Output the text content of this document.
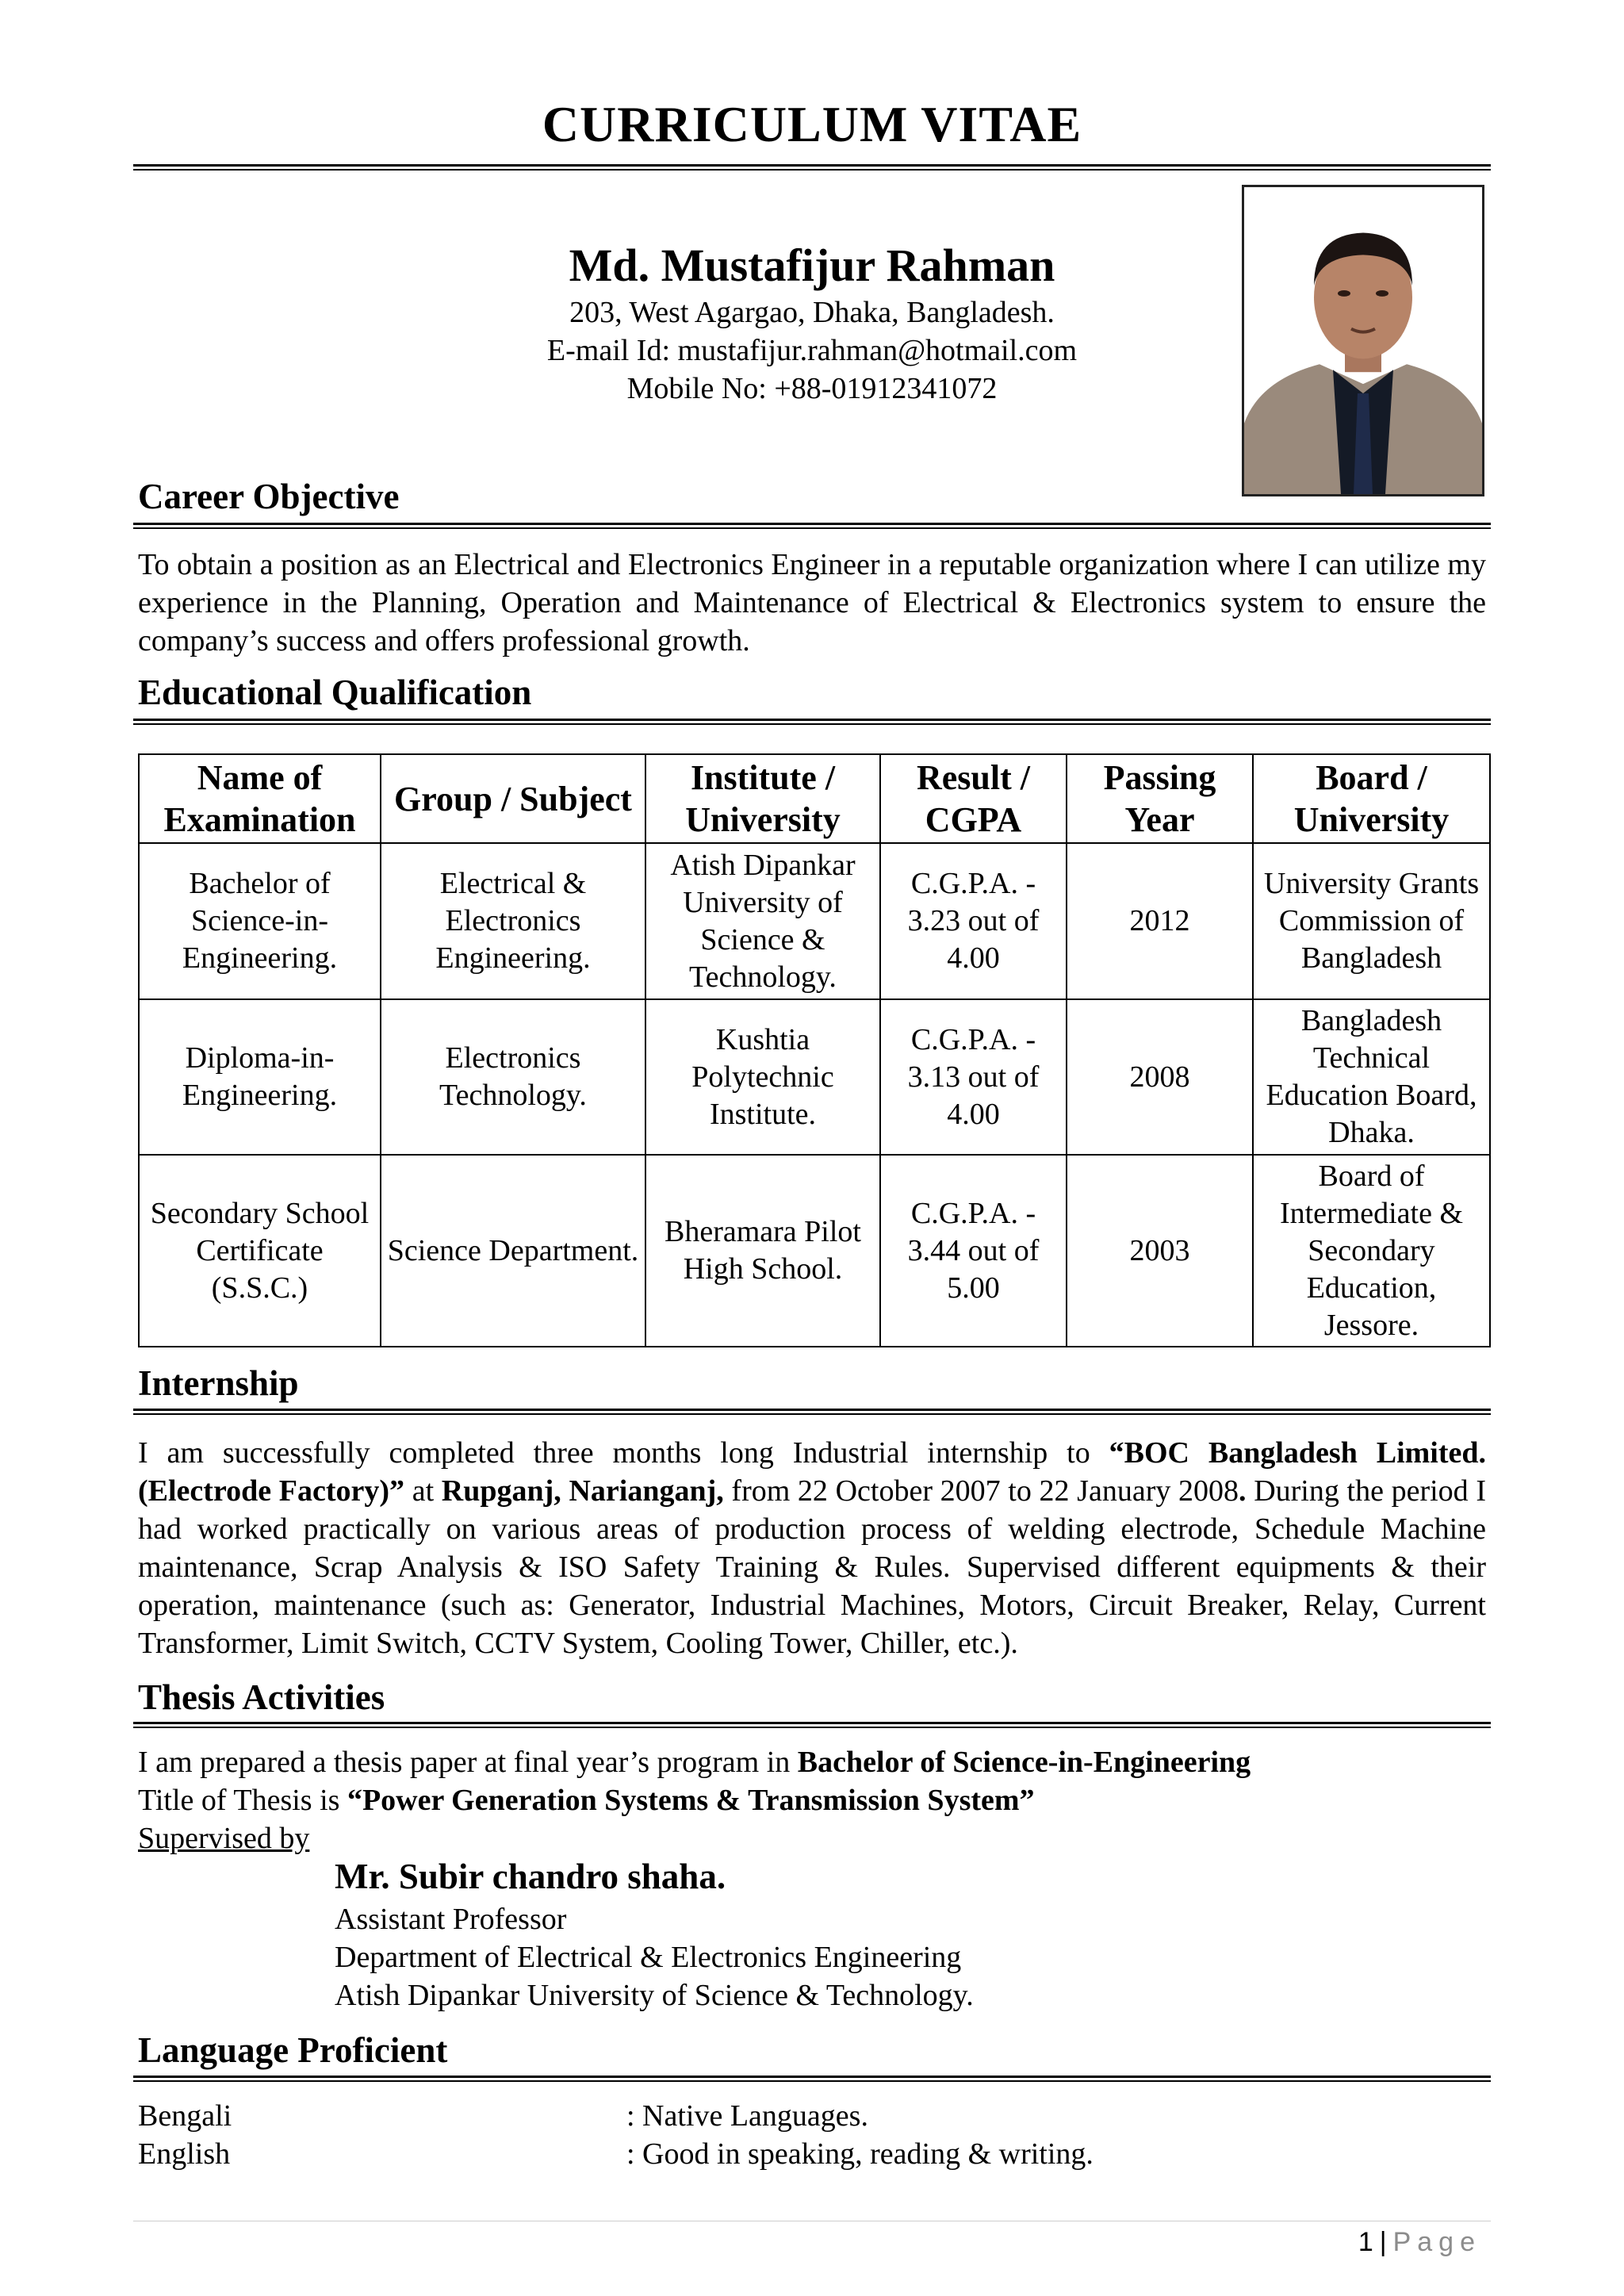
CURRICULUM VITAE

Md. Mustafijur Rahman

203, West Agargao, Dhaka, Bangladesh.

E-mail Id: mustafijur.rahman@hotmail.com

Mobile No: +88-01912341072

Career Objective

To obtain a position as an Electrical and Electronics Engineer in a reputable organization where I can utilize my experience in the Planning, Operation and Maintenance of Electrical & Electronics system to ensure the company’s success and offers professional growth.

Educational Qualification
Name of Examination	Group / Subject	Institute / University	Result / CGPA	Passing Year	Board / University
Bachelor of Science-in-Engineering.	Electrical & Electronics Engineering.	Atish Dipankar University of Science & Technology.	C.G.P.A. - 3.23 out of 4.00	2012	University Grants Commission of Bangladesh
Diploma-in-Engineering.	Electronics Technology.	Kushtia Polytechnic Institute.	C.G.P.A. - 3.13 out of 4.00	2008	Bangladesh Technical Education Board, Dhaka.
Secondary School Certificate (S.S.C.)	Science Department.	Bheramara Pilot High School.	C.G.P.A. - 3.44 out of 5.00	2003	Board of Intermediate & Secondary Education, Jessore.
Internship

I am successfully completed three months long Industrial internship to “BOC Bangladesh Limited. (Electrode Factory)” at Rupganj, Narianganj, from 22 October 2007 to 22 January 2008. During the period I had worked practically on various areas of production process of welding electrode, Schedule Machine maintenance, Scrap Analysis & ISO Safety Training & Rules. Supervised different equipments & their operation, maintenance (such as: Generator, Industrial Machines, Motors, Circuit Breaker, Relay, Current Transformer, Limit Switch, CCTV System, Cooling Tower, Chiller, etc.).

Thesis Activities

I am prepared a thesis paper at final year’s program in Bachelor of Science-in-Engineering

Title of Thesis is “Power Generation Systems & Transmission System”

Supervised by

Mr. Subir chandro shaha.

Assistant Professor

Department of Electrical & Electronics Engineering

Atish Dipankar University of Science & Technology.

Language Proficient

Bengali	: Native Languages.

English	: Good in speaking, reading & writing.

1 | Page
